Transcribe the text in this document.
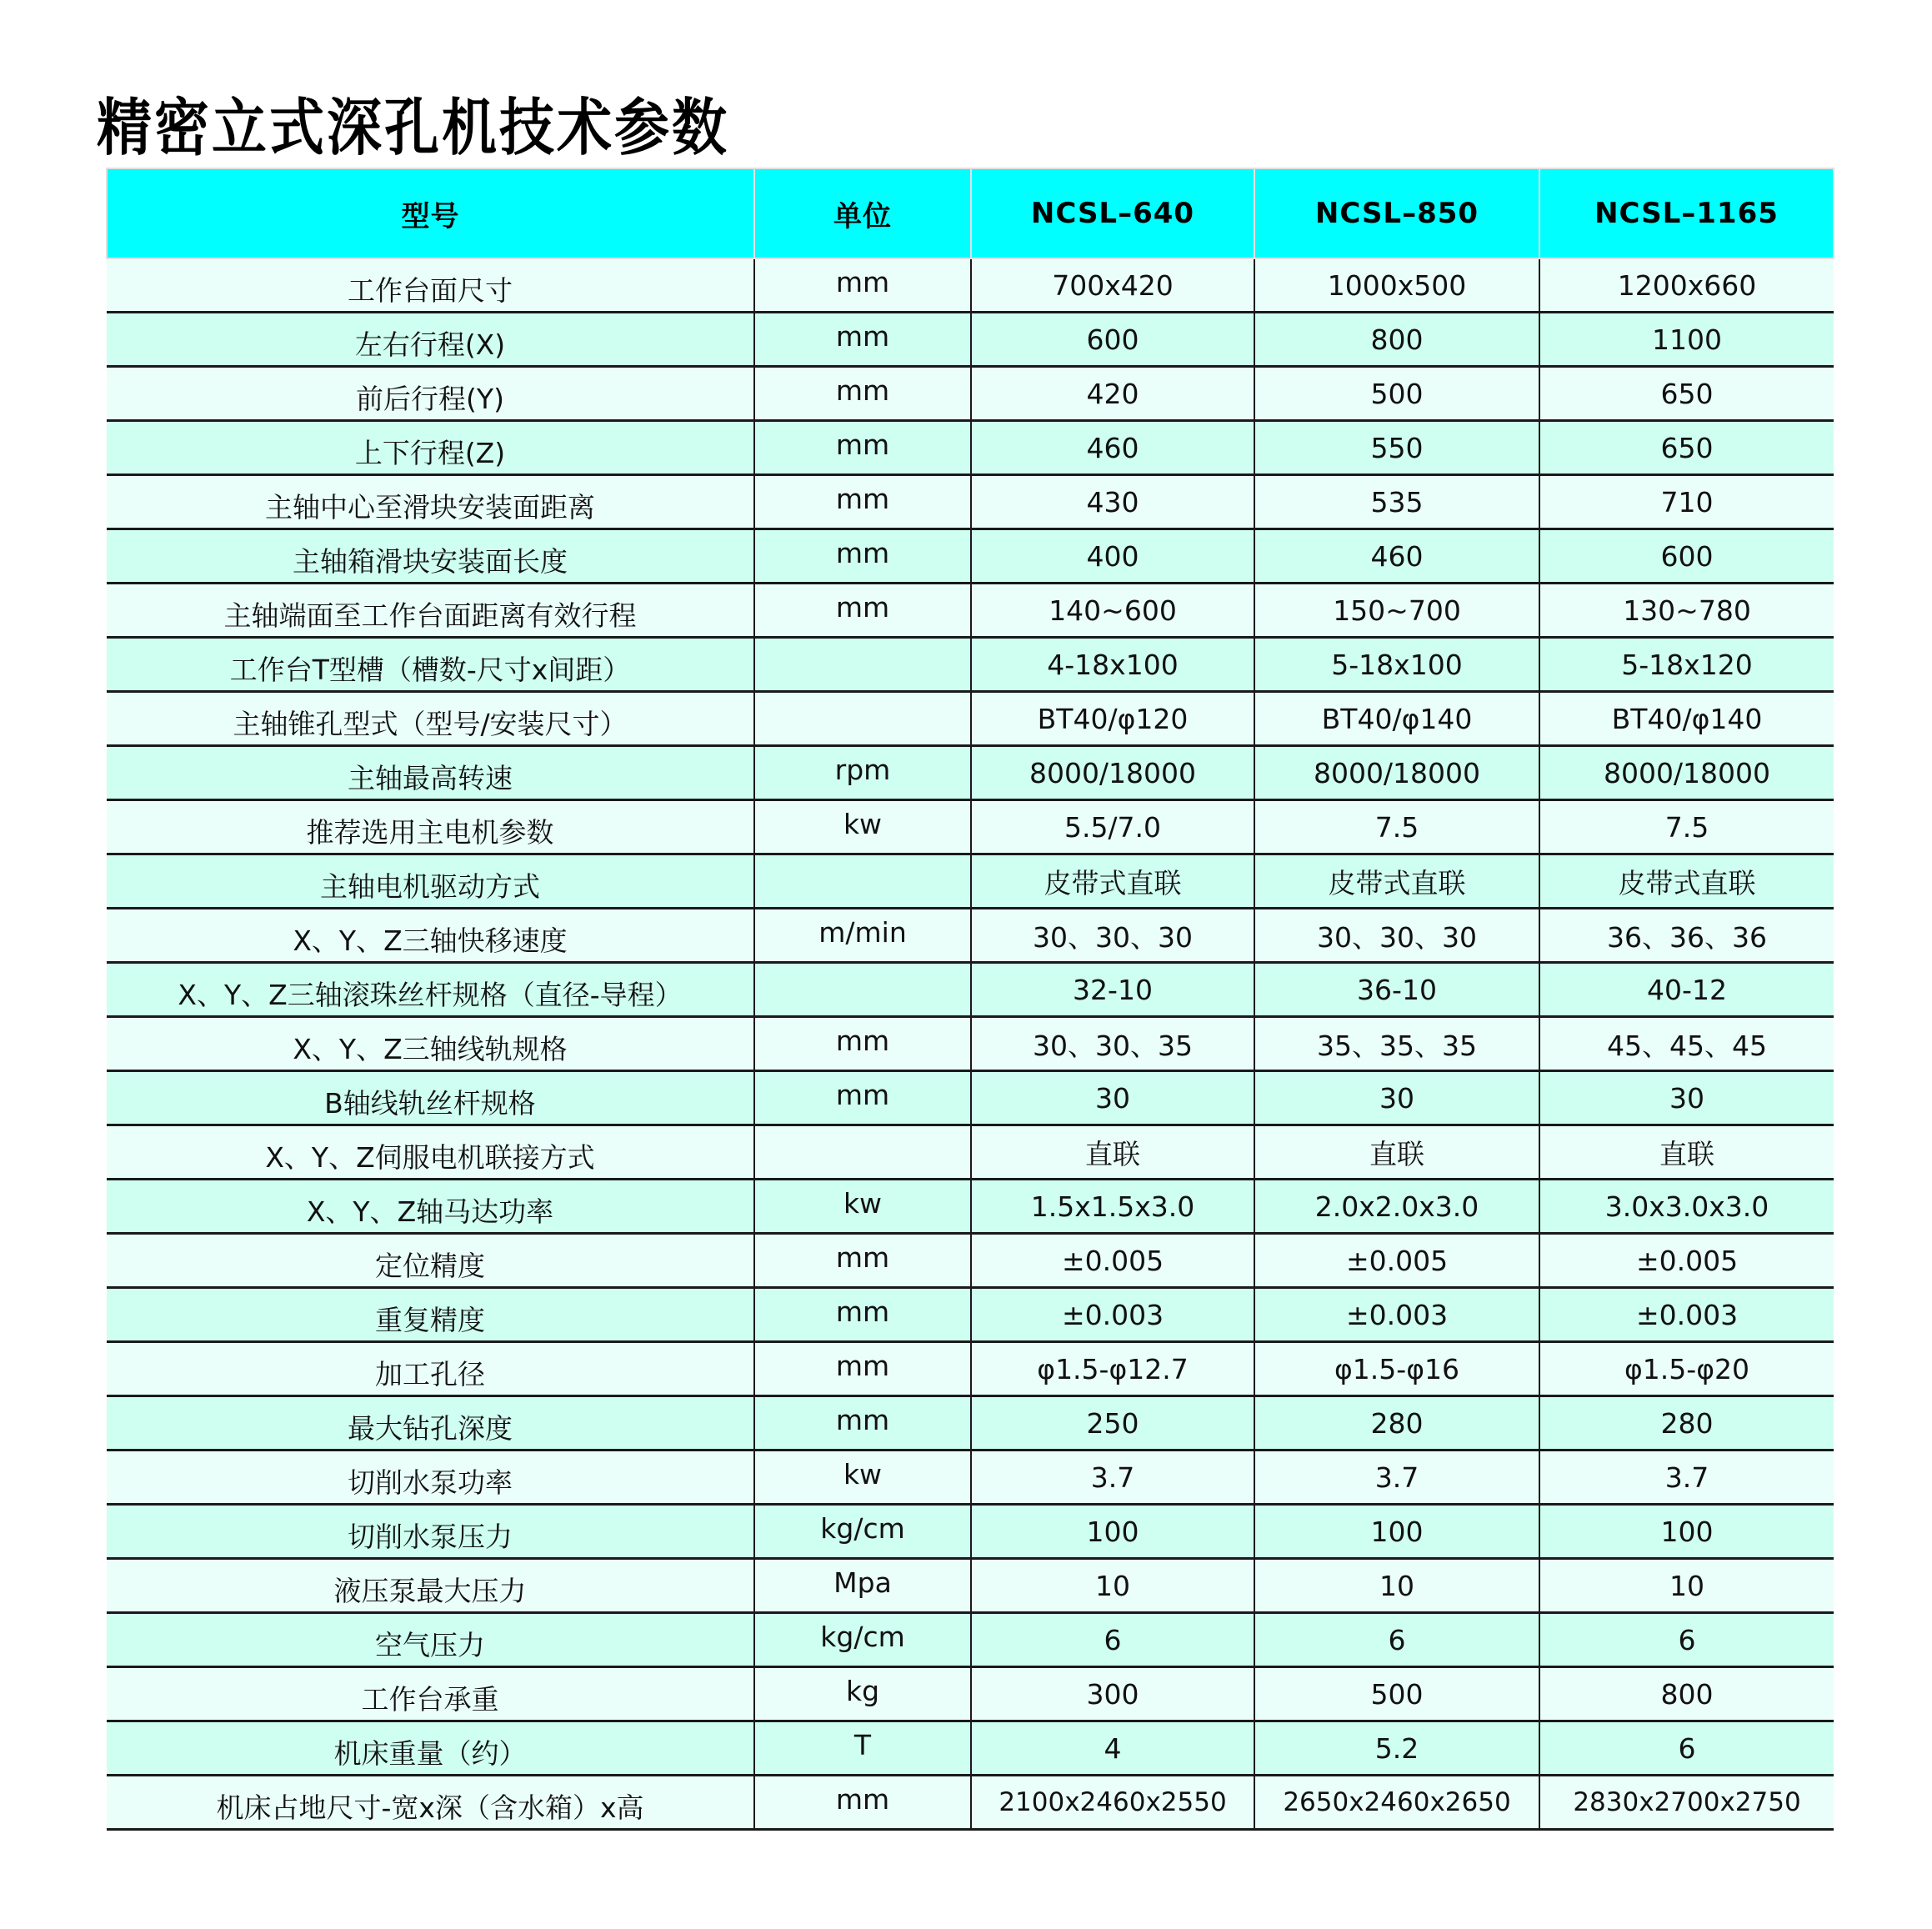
精密立式深孔机技术参数
型号	单位	NCSL–640	NCSL–850	NCSL–1165
工作台面尺寸	mm	700x420	1000x500	1200x660
左右行程(X)	mm	600	800	1100
前后行程(Y)	mm	420	500	650
上下行程(Z)	mm	460	550	650
主轴中心至滑块安装面距离	mm	430	535	710
主轴箱滑块安装面长度	mm	400	460	600
主轴端面至工作台面距离有效行程	mm	140~600	150~700	130~780
工作台T型槽（槽数-尺寸x间距）		4-18x100	5-18x100	5-18x120
主轴锥孔型式（型号/安装尺寸）		BT40/φ120	BT40/φ140	BT40/φ140
主轴最高转速	rpm	8000/18000	8000/18000	8000/18000
推荐选用主电机参数	kw	5.5/7.0	7.5	7.5
主轴电机驱动方式		皮带式直联	皮带式直联	皮带式直联
X、Y、Z三轴快移速度	m/min	30、30、30	30、30、30	36、36、36
X、Y、Z三轴滚珠丝杆规格（直径-导程）		32-10	36-10	40-12
X、Y、Z三轴线轨规格	mm	30、30、35	35、35、35	45、45、45
B轴线轨丝杆规格	mm	30	30	30
X、Y、Z伺服电机联接方式		直联	直联	直联
X、Y、Z轴马达功率	kw	1.5x1.5x3.0	2.0x2.0x3.0	3.0x3.0x3.0
定位精度	mm	±0.005	±0.005	±0.005
重复精度	mm	±0.003	±0.003	±0.003
加工孔径	mm	φ1.5-φ12.7	φ1.5-φ16	φ1.5-φ20
最大钻孔深度	mm	250	280	280
切削水泵功率	kw	3.7	3.7	3.7
切削水泵压力	kg/cm	100	100	100
液压泵最大压力	Mpa	10	10	10
空气压力	kg/cm	6	6	6
工作台承重	kg	300	500	800
机床重量（约）	T	4	5.2	6
机床占地尺寸-宽x深（含水箱）x高	mm	2100x2460x2550	2650x2460x2650	2830x2700x2750
